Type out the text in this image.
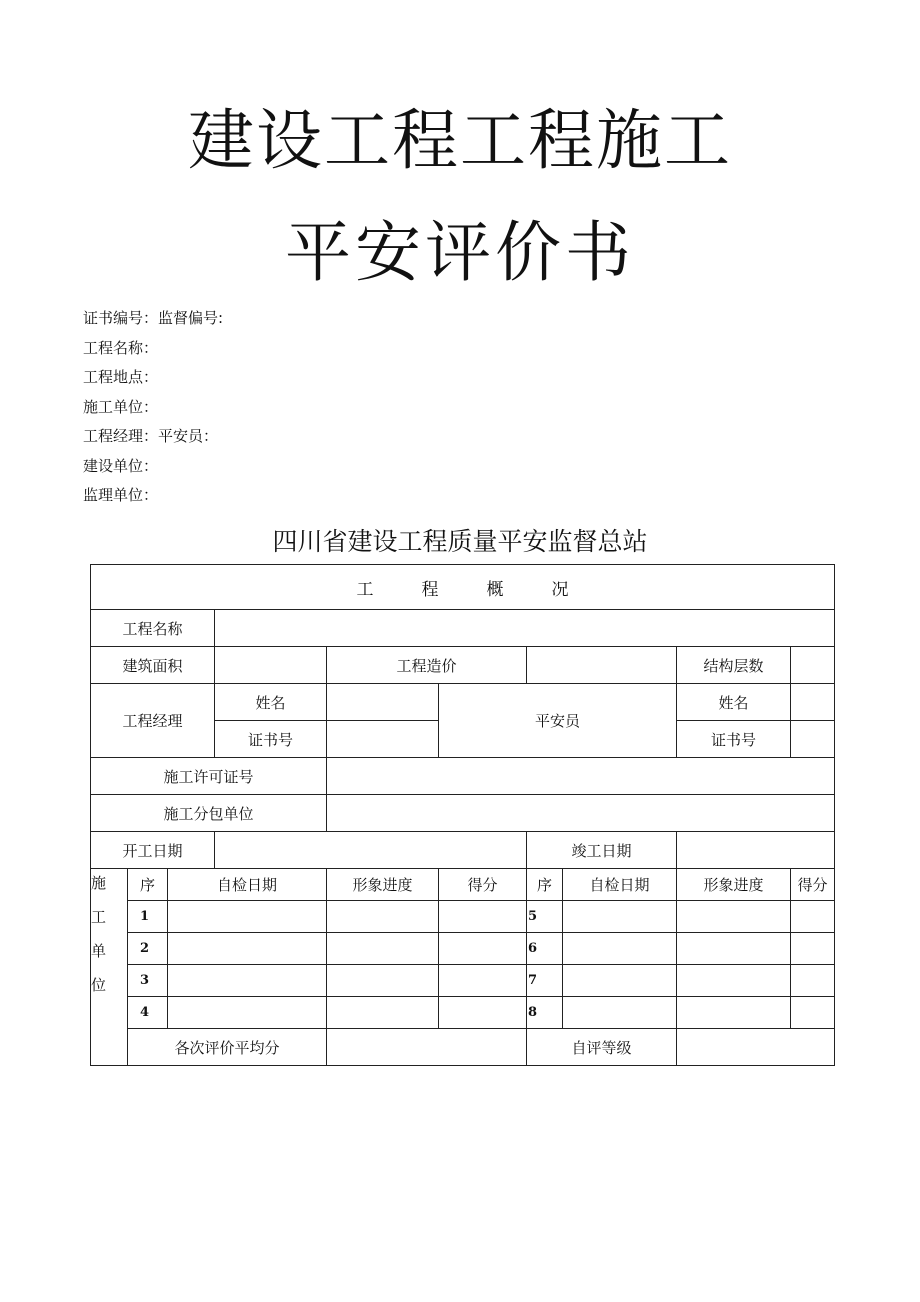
建设工程工程施工
平安评价书
证书编号：监督偏号:
工程名称：
工程地点：
施工单位：
工程经理：平安员：
建设单位：
监理单位：
四川省建设工程质量平安监督总站
工程概况									
工程名称									
建筑面积				工程造价				结构层数	
工程经理			姓名		平安员			姓名	
			证书号					证书号	
施工许可证号									
施工分包单位									
开工日期						竣工日期			

施
工
单
位	序	自检日期		形象进度	得分	序	自检日期	形象进度	得分
	1					5			
	2					6			
	3					7			
	4					8			
	各次评价平均分					自评等级			
